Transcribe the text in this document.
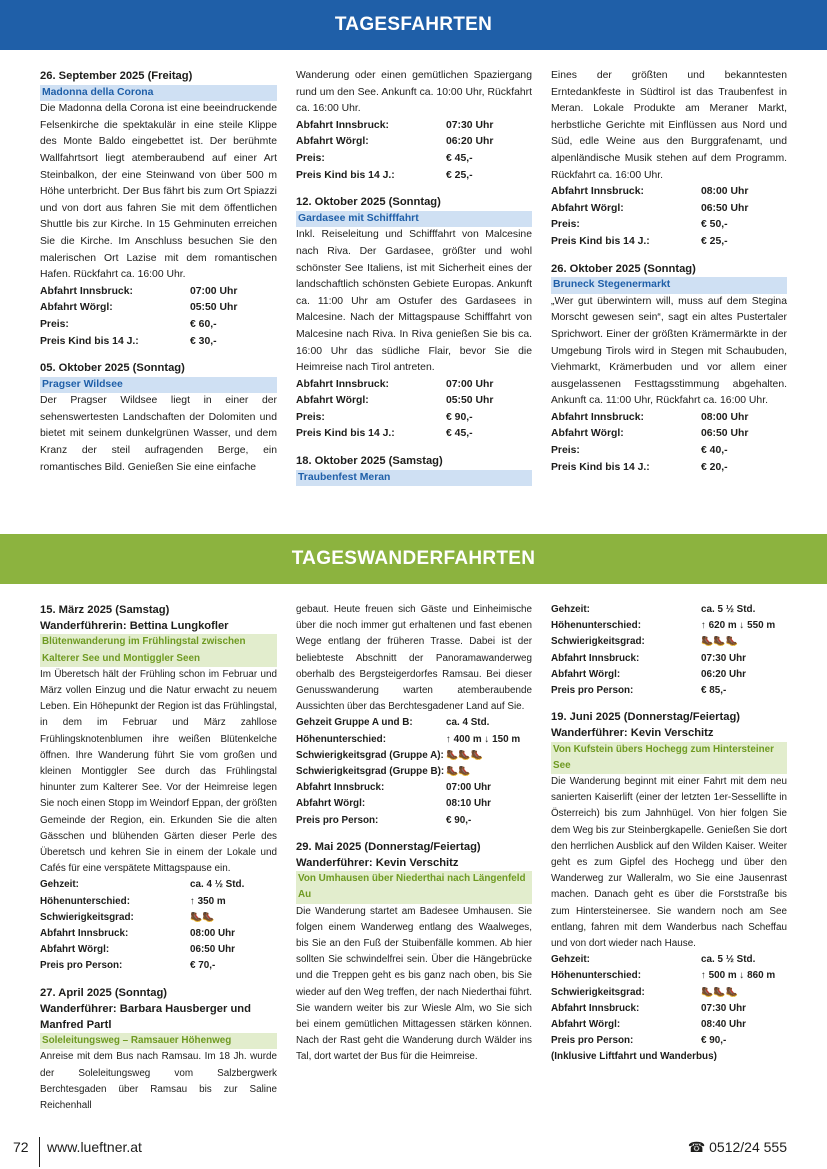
TAGESFAHRTEN
26. September 2025 (Freitag)
Madonna della Corona

Die Madonna della Corona ist eine beeindruckende Felsenkirche die spektakulär in eine steile Klippe des Monte Baldo eingebettet ist. Der berühmte Wallfahrtsort liegt atemberaubend auf einer Art Steinbalkon, der eine Steinwand von über 500 m Höhe unterbricht. Der Bus fährt bis zum Ort Spiazzi und von dort aus fahren Sie mit dem öffentlichen Shuttle bis zur Kirche. In 15 Gehminuten erreichen Sie die Kirche. Im Anschluss besuchen Sie den malerischen Ort Lazise mit dem romantischen Hafen. Rückfahrt ca. 16:00 Uhr.

Abfahrt Innsbruck:	07:00 Uhr
Abfahrt Wörgl:	05:50 Uhr
Preis:	€ 60,-
Preis Kind bis 14 J.:	€ 30,-
05. Oktober 2025 (Sonntag)
Pragser Wildsee

Der Pragser Wildsee liegt in einer der sehenswertesten Landschaften der Dolomiten und bietet mit seinem dunkelgrünen Wasser, und dem Kranz der steil aufragenden Berge, ein romantisches Bild. Genießen Sie eine einfache

Wanderung oder einen gemütlichen Spaziergang rund um den See. Ankunft ca. 10:00 Uhr, Rückfahrt ca. 16:00 Uhr.

Abfahrt Innsbruck:	07:30 Uhr
Abfahrt Wörgl:	06:20 Uhr
Preis:	€ 45,-
Preis Kind bis 14 J.:	€ 25,-
12. Oktober 2025 (Sonntag)
Gardasee mit Schifffahrt

Inkl. Reiseleitung und Schifffahrt von Malcesine nach Riva. Der Gardasee, größter und wohl schönster See Italiens, ist mit Sicherheit eines der landschaftlich schönsten Gebiete Europas. Ankunft ca. 11:00 Uhr am Ostufer des Gardasees in Malcesine. Nach der Mittagspause Schifffahrt von Malcesine nach Riva. In Riva genießen Sie bis ca. 16:00 Uhr das südliche Flair, bevor Sie die Heimreise nach Tirol antreten.

Abfahrt Innsbruck:	07:00 Uhr
Abfahrt Wörgl:	05:50 Uhr
Preis:	€ 90,-
Preis Kind bis 14 J.:	€ 45,-
18. Oktober 2025 (Samstag)
Traubenfest Meran

Eines der größten und bekanntesten Erntedankfeste in Südtirol ist das Traubenfest in Meran. Lokale Produkte am Meraner Markt, herbstliche Gerichte mit Einflüssen aus Nord und Süd, edle Weine aus den Burggrafenamt, und alpenländische Musik stehen auf dem Programm. Rückfahrt ca. 16:00 Uhr.

Abfahrt Innsbruck:	08:00 Uhr
Abfahrt Wörgl:	06:50 Uhr
Preis:	€ 50,-
Preis Kind bis 14 J.:	€ 25,-
26. Oktober 2025 (Sonntag)
Bruneck Stegenermarkt

„Wer gut überwintern will, muss auf dem Stegina Morscht gewesen sein“, sagt ein altes Pustertaler Sprichwort. Einer der größten Krämermärkte in der Umgebung Tirols wird in Stegen mit Schaubuden, Viehmarkt, Krämerbuden und vor allem einer ausgelassenen Festtagsstimmung abgehalten. Ankunft ca. 11:00 Uhr, Rückfahrt ca. 16:00 Uhr.

Abfahrt Innsbruck:	08:00 Uhr
Abfahrt Wörgl:	06:50 Uhr
Preis:	€ 40,-
Preis Kind bis 14 J.:	€ 20,-
TAGESWANDERFAHRTEN
15. März 2025 (Samstag)
Wanderführerin: Bettina Lungkofler
Blütenwanderung im Frühlingstal zwischen Kalterer See und Montiggler Seen

Im Überetsch hält der Frühling schon im Februar und März vollen Einzug und die Natur erwacht zu neuem Leben. Ein Höhepunkt der Region ist das Frühlingstal, in dem im Februar und März zahllose Frühlingsknotenblumen ihre weißen Blütenkelche öffnen. Ihre Wanderung führt Sie vom großen und kleinen Montiggler See durch das Frühlingstal hinunter zum Kalterer See. Vor der Heimreise legen Sie noch einen Stopp im Weindorf Eppan, der größten Gemeinde der Region, ein. Erkunden Sie die alten Gässchen und blühenden Gärten dieser Perle des Überetsch und kehren Sie in einem der Lokale und Cafés für eine verspätete Mittagspause ein.

Gehzeit:	ca. 4 ½ Std.
Höhenunterschied:	↑ 350 m
Schwierigkeitsgrad:	🥾🥾
Abfahrt Innsbruck:	08:00 Uhr
Abfahrt Wörgl:	06:50 Uhr
Preis pro Person:	€ 70,-
27. April 2025 (Sonntag)
Wanderführer: Barbara Hausberger und Manfred Partl
Soleleitungsweg – Ramsauer Höhenweg

Anreise mit dem Bus nach Ramsau. Im 18 Jh. wurde der Soleleitungsweg vom Salzbergwerk Berchtesgaden über Ramsau bis zur Saline Reichenhall

gebaut. Heute freuen sich Gäste und Einheimische über die noch immer gut erhaltenen und fast ebenen Wege entlang der früheren Trasse. Dabei ist der beliebteste Abschnitt der Panoramawanderweg oberhalb des Bergsteigerdorfes Ramsau. Bei dieser Genusswanderung warten atemberaubende Aussichten über das Berchtesgadener Land auf Sie.

Gehzeit Gruppe A und B:	ca. 4 Std.
Höhenunterschied:	↑ 400 m ↓ 150 m
Schwierigkeitsgrad (Gruppe A): 🥾🥾🥾
Schwierigkeitsgrad (Gruppe B): 🥾🥾
Abfahrt Innsbruck:	07:00 Uhr
Abfahrt Wörgl:	08:10 Uhr
Preis pro Person:	€ 90,-
29. Mai 2025 (Donnerstag/Feiertag)
Wanderführer: Kevin Verschitz
Von Umhausen über Niederthai nach Längenfeld Au

Die Wanderung startet am Badesee Umhausen. Sie folgen einem Wanderweg entlang des Waalweges, bis Sie an den Fuß der Stuibenfälle kommen. Ab hier sollten Sie schwindelfrei sein. Über die Hängebrücke und die Treppen geht es bis ganz nach oben, bis Sie wieder auf den Weg treffen, der nach Niederthai führt. Sie wandern weiter bis zur Wiesle Alm, wo Sie sich bei einem gemütlichen Mittagessen stärken können. Nach der Rast geht die Wanderung durch Wälder ins Tal, dort wartet der Bus für die Heimreise.

Gehzeit:	ca. 5 ½ Std.
Höhenunterschied:	↑ 620 m ↓ 550 m
Schwierigkeitsgrad:	🥾🥾🥾
Abfahrt Innsbruck:	07:30 Uhr
Abfahrt Wörgl:	06:20 Uhr
Preis pro Person:	€ 85,-
19. Juni 2025 (Donnerstag/Feiertag)
Wanderführer: Kevin Verschitz
Von Kufstein übers Hochegg zum Hintersteiner See

Die Wanderung beginnt mit einer Fahrt mit dem neu sanierten Kaiserlift (einer der letzten 1er-Sessellifte in Österreich) bis zum Jahnhügel. Von hier folgen Sie dem Weg bis zur Steinbergkapelle. Genießen Sie dort den herrlichen Ausblick auf den Wilden Kaiser. Weiter geht es zum Gipfel des Hochegg und über den Wanderweg zur Walleralm, wo Sie eine Jausenrast machen. Danach geht es über die Forststraße bis zum Hintersteinersee. Sie wandern noch am See entlang, fahren mit dem Wanderbus nach Scheffau und von dort wieder nach Hause.

Gehzeit:	ca. 5 ½ Std.
Höhenunterschied:	↑ 500 m ↓ 860 m
Schwierigkeitsgrad:	🥾🥾🥾
Abfahrt Innsbruck:	07:30 Uhr
Abfahrt Wörgl:	08:40 Uhr
Preis pro Person:	€ 90,-
(Inklusive Liftfahrt und Wanderbus)
72 www.lueftner.at	☎ 0512/24 555
